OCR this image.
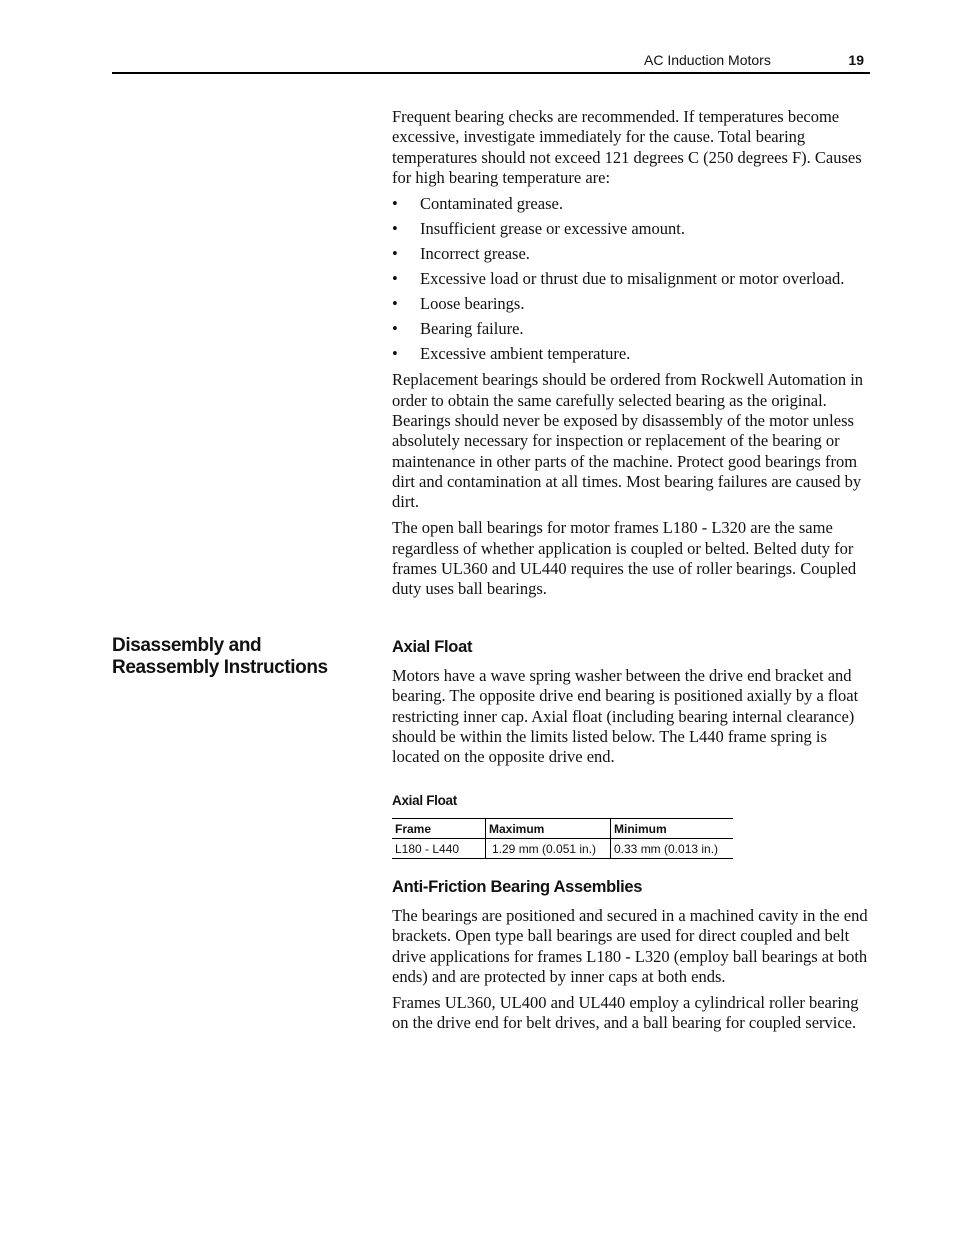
AC Induction Motors	19

Frequent bearing checks are recommended. If temperatures become excessive, investigate immediately for the cause. Total bearing temperatures should not exceed 121 degrees C (250 degrees F). Causes for high bearing temperature are:

• Contaminated grease.
• Insufficient grease or excessive amount.
• Incorrect grease.
• Excessive load or thrust due to misalignment or motor overload.
• Loose bearings.
• Bearing failure.
• Excessive ambient temperature.

Replacement bearings should be ordered from Rockwell Automation in order to obtain the same carefully selected bearing as the original. Bearings should never be exposed by disassembly of the motor unless absolutely necessary for inspection or replacement of the bearing or maintenance in other parts of the machine. Protect good bearings from dirt and contamination at all times. Most bearing failures are caused by dirt.

The open ball bearings for motor frames L180 - L320 are the same regardless of whether application is coupled or belted. Belted duty for frames UL360 and UL440 requires the use of roller bearings. Coupled duty uses ball bearings.

Disassembly and Reassembly Instructions
Axial Float

Motors have a wave spring washer between the drive end bracket and bearing. The opposite drive end bearing is positioned axially by a float restricting inner cap. Axial float (including bearing internal clearance) should be within the limits listed below. The L440 frame spring is located on the opposite drive end.

Axial Float
Frame	Maximum	Minimum
L180 - L440	1.29 mm (0.051 in.)	0.33 mm (0.013 in.)
Anti-Friction Bearing Assemblies

The bearings are positioned and secured in a machined cavity in the end brackets. Open type ball bearings are used for direct coupled and belt drive applications for frames L180 - L320 (employ ball bearings at both ends) and are protected by inner caps at both ends.

Frames UL360, UL400 and UL440 employ a cylindrical roller bearing on the drive end for belt drives, and a ball bearing for coupled service.
